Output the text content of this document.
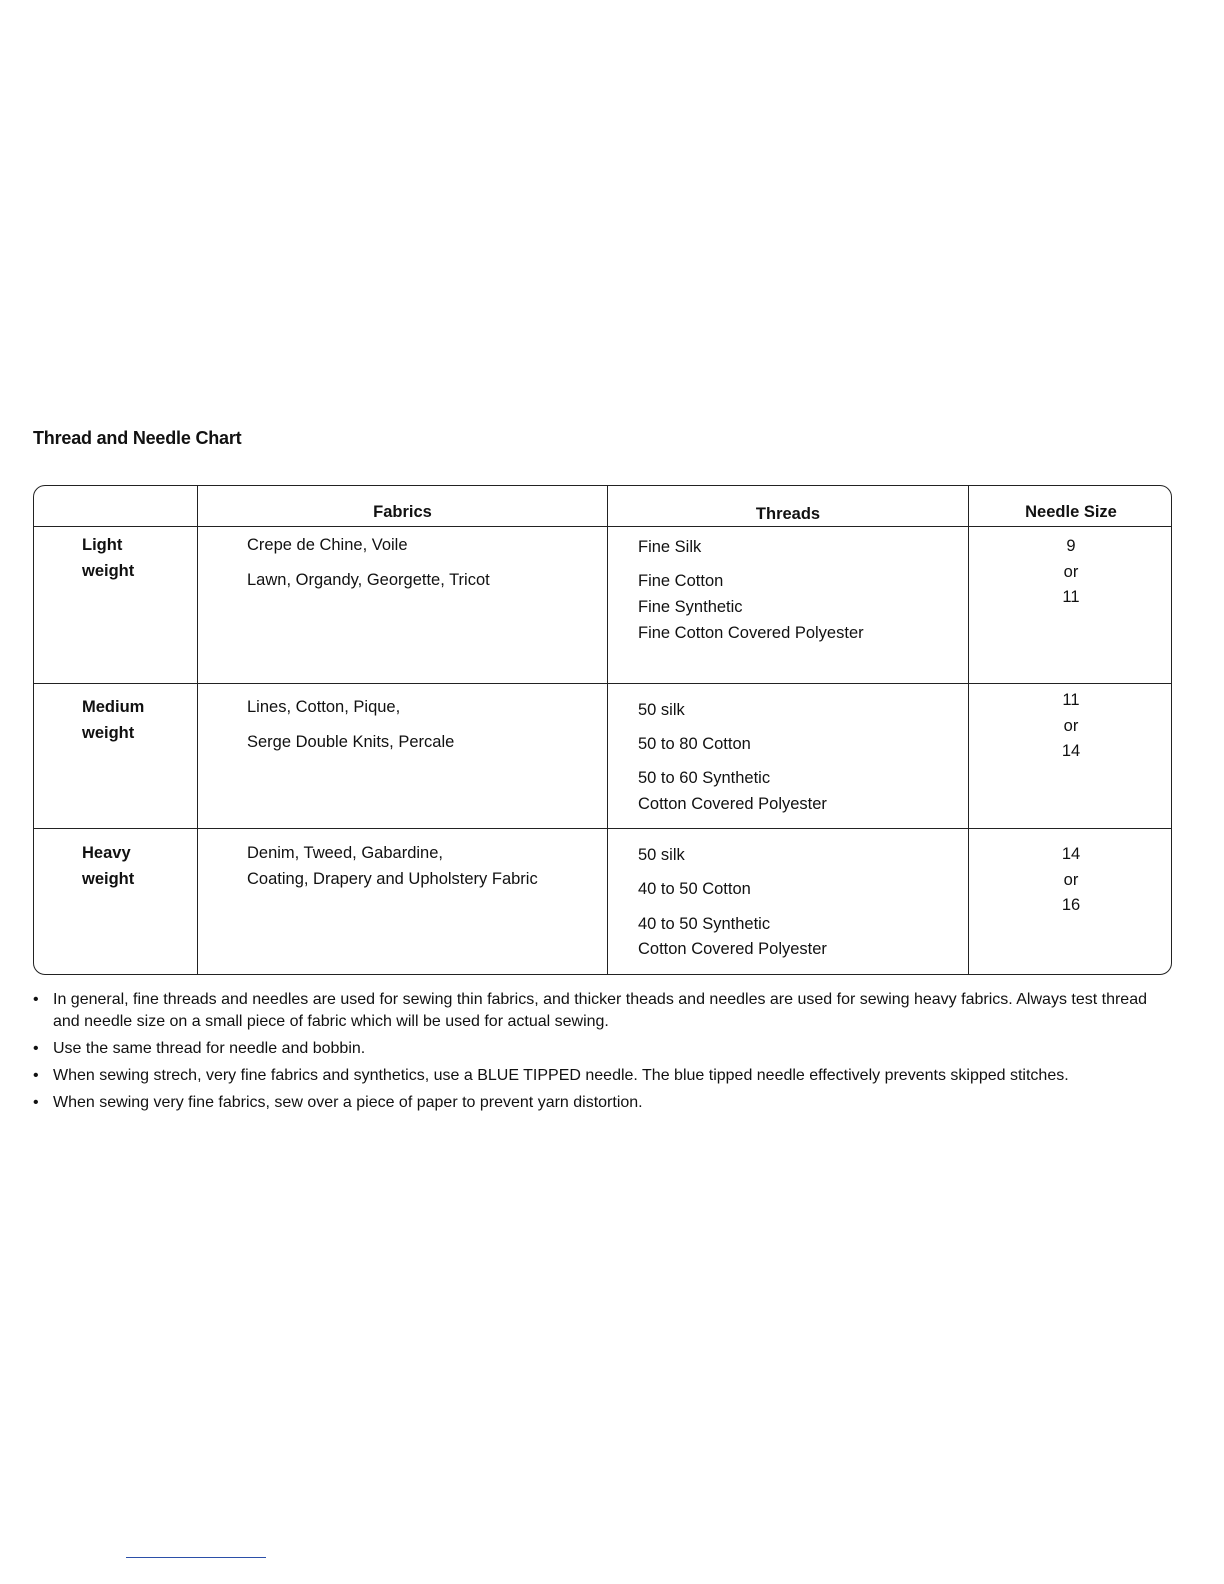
Thread and Needle Chart
Fabrics	Threads	Needle Size
Light
weight
Crepe de Chine, Voile
Lawn, Organdy, Georgette, Tricot
Fine Silk
Fine Cotton
Fine Synthetic
Fine Cotton Covered Polyester
9
or
11
Medium
weight
Lines, Cotton, Pique,
Serge Double Knits, Percale
50 silk
50 to 80 Cotton
50 to 60 Synthetic
Cotton Covered Polyester
11
or
14
Heavy
weight
Denim, Tweed, Gabardine,
Coating, Drapery and Upholstery Fabric
50 silk
40 to 50 Cotton
40 to 50 Synthetic
Cotton Covered Polyester
14
or
16
• In general, fine threads and needles are used for sewing thin fabrics, and thicker theads and needles are used for sewing heavy fabrics. Always test thread and needle size on a small piece of fabric which will be used for actual sewing.
• Use the same thread for needle and bobbin.
• When sewing strech, very fine fabrics and synthetics, use a BLUE TIPPED needle. The blue tipped needle effectively prevents skipped stitches.
• When sewing very fine fabrics, sew over a piece of paper to prevent yarn distortion.
